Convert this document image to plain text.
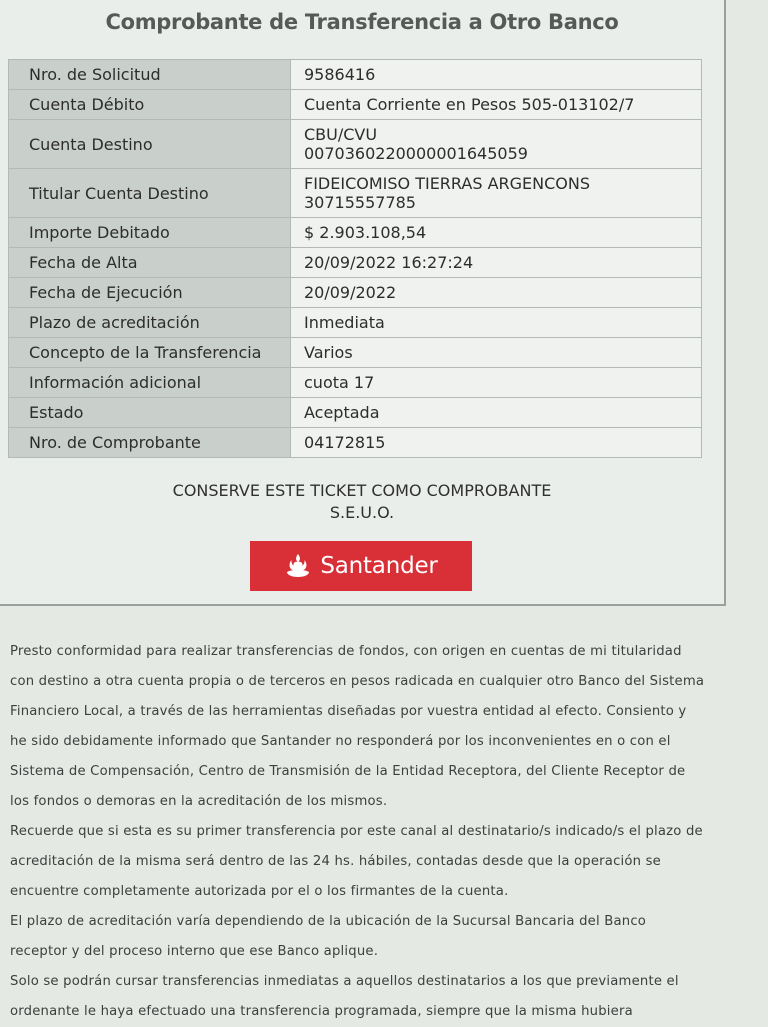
Comprobante de Transferencia a Otro Banco
Nro. de Solicitud	9586416
Cuenta Débito	Cuenta Corriente en Pesos 505-013102/7
Cuenta Destino	CBU/CVU
0070360220000001645059

Titular Cuenta Destino	FIDEICOMISO TIERRAS ARGENCONS
30715557785

Importe Debitado	$ 2.903.108,54
Fecha de Alta	20/09/2022 16:27:24
Fecha de Ejecución	20/09/2022
Plazo de acreditación	Inmediata
Concepto de la Transferencia	Varios
Información adicional	cuota 17
Estado	Aceptada
Nro. de Comprobante	04172815
CONSERVE ESTE TICKET COMO COMPROBANTE
S.E.U.O.
Santander

Presto conformidad para realizar transferencias de fondos, con origen en cuentas de mi titularidad con destino a otra cuenta propia o de terceros en pesos radicada en cualquier otro Banco del Sistema Financiero Local, a través de las herramientas diseñadas por vuestra entidad al efecto. Consiento y he sido debidamente informado que Santander no responderá por los inconvenientes en o con el Sistema de Compensación, Centro de Transmisión de la Entidad Receptora, del Cliente Receptor de los fondos o demoras en la acreditación de los mismos.

Recuerde que si esta es su primer transferencia por este canal al destinatario/s indicado/s el plazo de acreditación de la misma será dentro de las 24 hs. hábiles, contadas desde que la operación se encuentre completamente autorizada por el o los firmantes de la cuenta.

El plazo de acreditación varía dependiendo de la ubicación de la Sucursal Bancaria del Banco receptor y del proceso interno que ese Banco aplique.

Solo se podrán cursar transferencias inmediatas a aquellos destinatarios a los que previamente el ordenante le haya efectuado una transferencia programada, siempre que la misma hubiera
